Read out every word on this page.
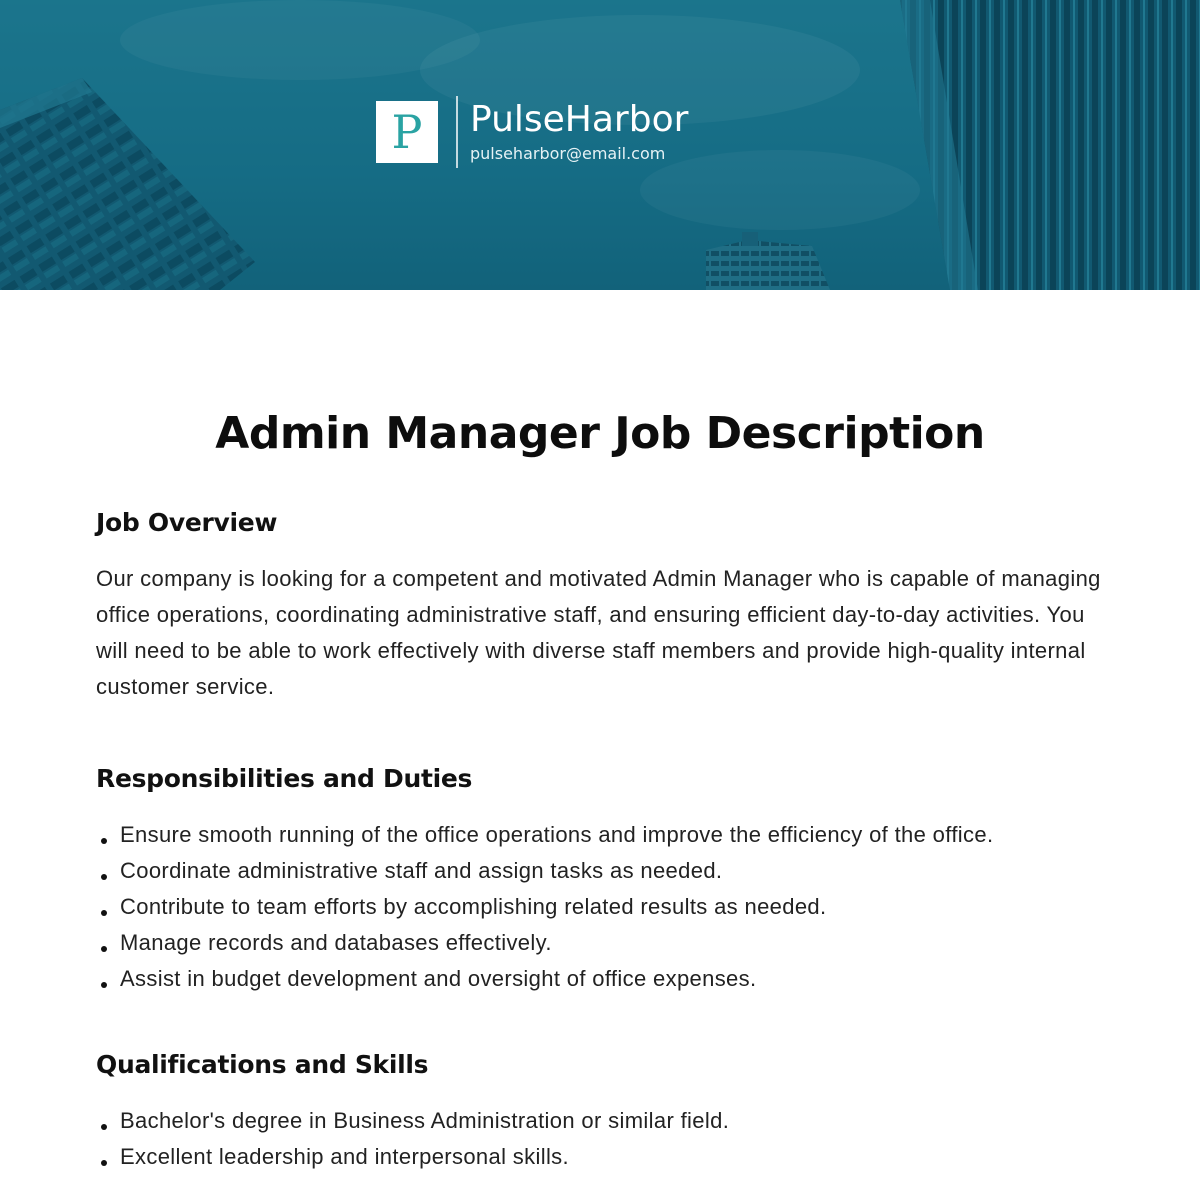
P PulseHarbor
pulseharbor@email.com
Admin Manager Job Description
Job Overview

Our company is looking for a competent and motivated Admin Manager who is capable of managing office operations, coordinating administrative staff, and ensuring efficient day-to-day activities. You will need to be able to work effectively with diverse staff members and provide high-quality internal customer service.

Responsibilities and Duties
Ensure smooth running of the office operations and improve the efficiency of the office.
Coordinate administrative staff and assign tasks as needed.
Contribute to team efforts by accomplishing related results as needed.
Manage records and databases effectively.
Assist in budget development and oversight of office expenses.
Qualifications and Skills
Bachelor's degree in Business Administration or similar field.
Excellent leadership and interpersonal skills.
